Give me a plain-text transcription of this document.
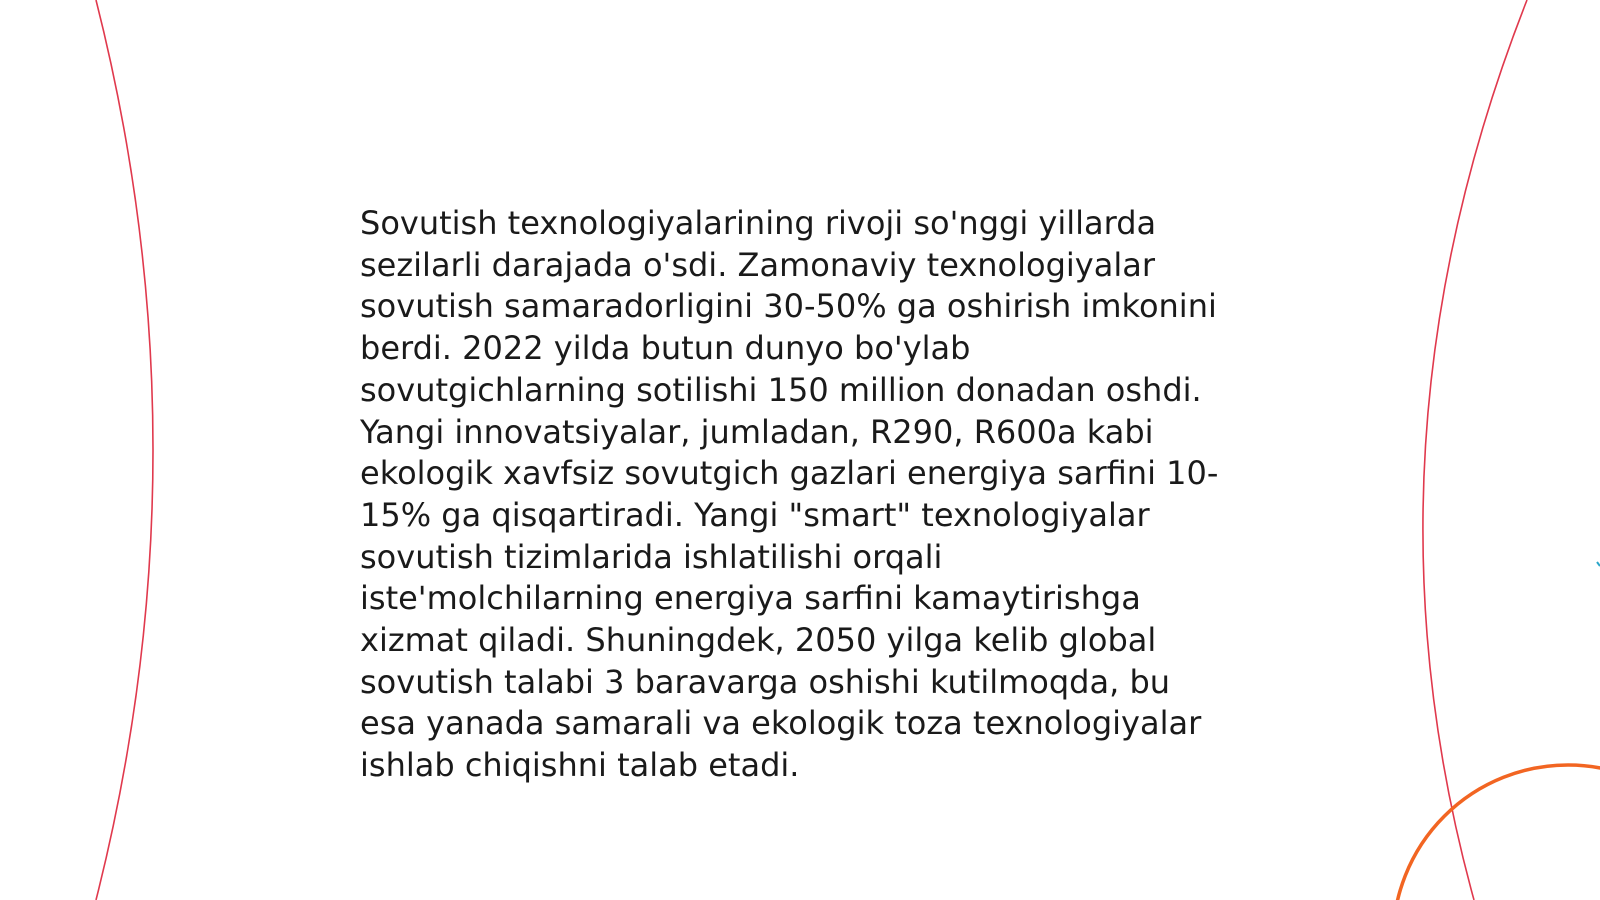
Sovutish texnologiyalarining rivoji so'nggi yillarda
sezilarli darajada o'sdi. Zamonaviy texnologiyalar
sovutish samaradorligini 30-50% ga oshirish imkonini
berdi. 2022 yilda butun dunyo bo'ylab
sovutgichlarning sotilishi 150 million donadan oshdi.
Yangi innovatsiyalar, jumladan, R290, R600a kabi
ekologik xavfsiz sovutgich gazlari energiya sarfini 10-
15% ga qisqartiradi. Yangi "smart" texnologiyalar
sovutish tizimlarida ishlatilishi orqali
iste'molchilarning energiya sarfini kamaytirishga
xizmat qiladi. Shuningdek, 2050 yilga kelib global
sovutish talabi 3 baravarga oshishi kutilmoqda, bu
esa yanada samarali va ekologik toza texnologiyalar
ishlab chiqishni talab etadi.
